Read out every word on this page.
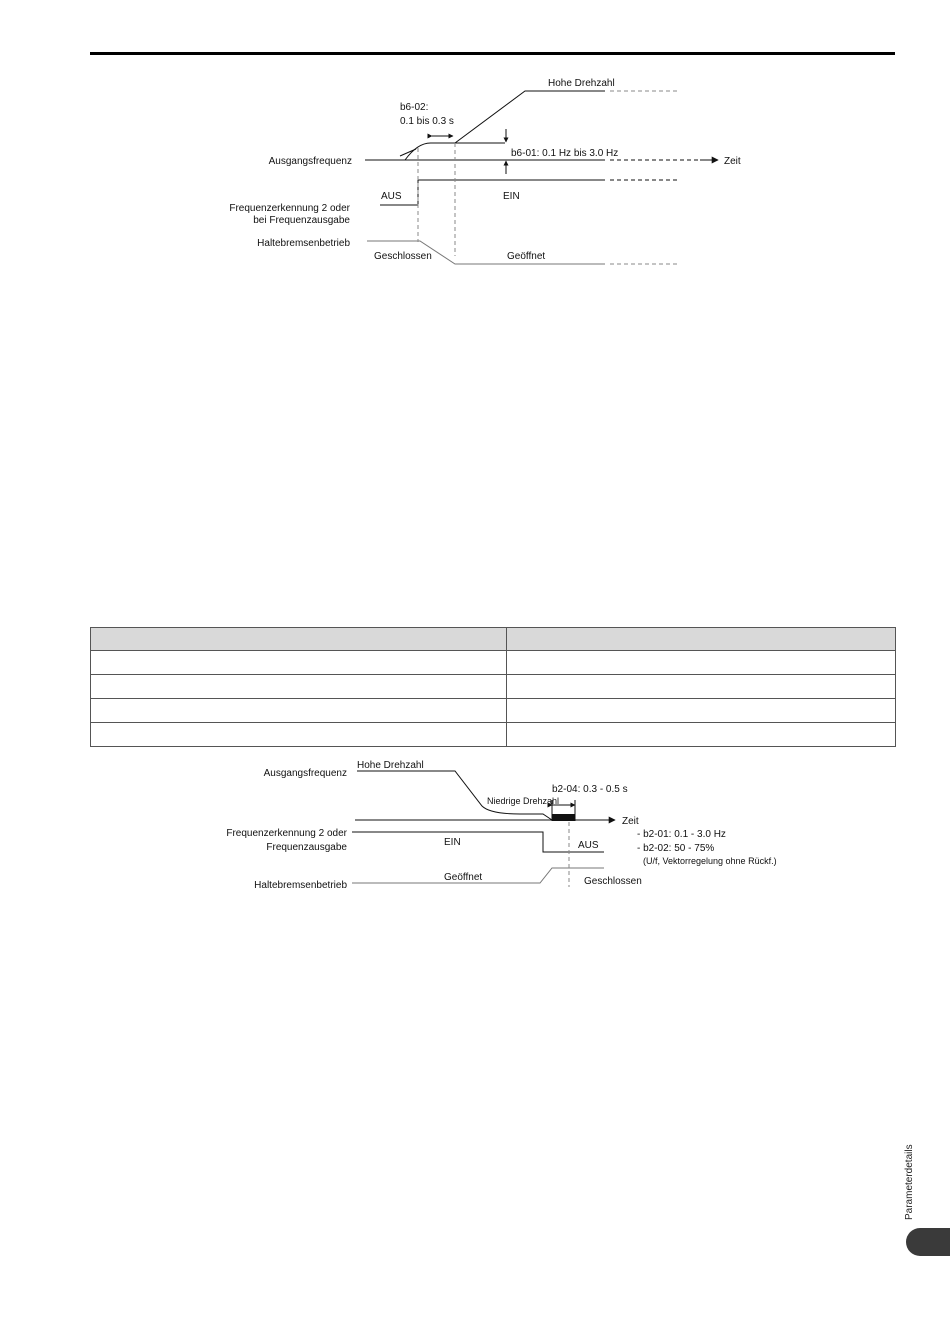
Zeit
Ausgangsfrequenz
Hohe Drehzahl
b6-02:
0.1 bis 0.3 s
b6-01: 0.1 Hz bis 3.0 Hz
Frequenzerkennung 2 oder
bei Frequenzausgabe
AUS	EIN
Haltebremsenbetrieb
Geschlossen	Geöffnet

Ausgangsfrequenz
Hohe Drehzahl
Niedrige Drehzahl
b2-04: 0.3 - 0.5 s
Zeit
Frequenzerkennung 2 oder
Frequenzausgabe	EIN	AUS
- b2-01: 0.1 - 3.0 Hz
- b2-02: 50 - 75%
(U/f, Vektorregelung ohne Rückf.)
Haltebremsenbetrieb
Geöffnet	Geschlossen
Parameterdetails
